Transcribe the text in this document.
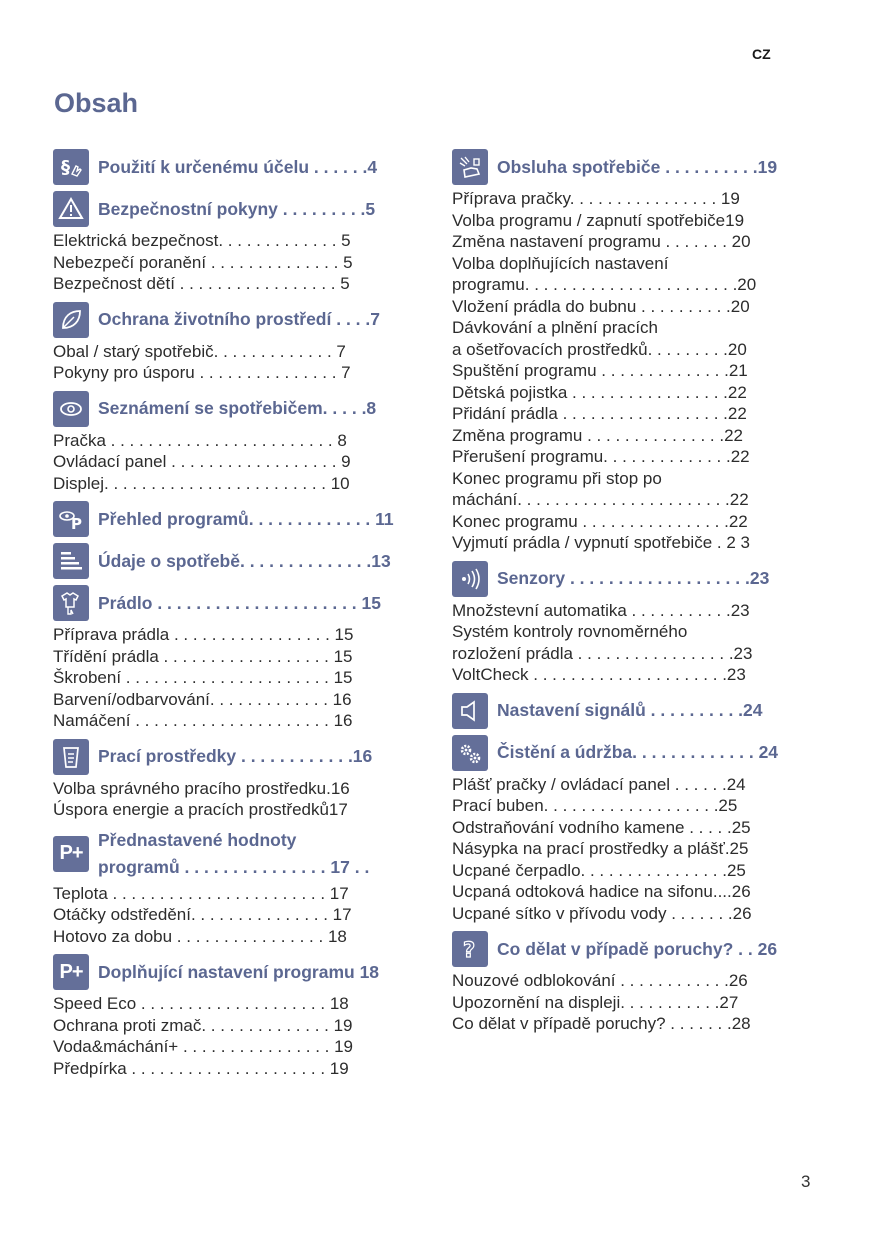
CZ
Obsah
§ Použití k určenému účelu . . . . . .4
Bezpečnostní pokyny . . . . . . . . .5
Elektrická bezpečnost. . . . . . . . . . . . . 5
Nebezpečí poranění . . . . . . . . . . . . . . 5
Bezpečnost dětí . . . . . . . . . . . . . . . . . 5
Ochrana životního prostředí . . . .7
Obal / starý spotřebič. . . . . . . . . . . . . 7
Pokyny pro úsporu . . . . . . . . . . . . . . . 7
Seznámení se spotřebičem. . . . .8
Pračka . . . . . . . . . . . . . . . . . . . . . . . . 8
Ovládací panel . . . . . . . . . . . . . . . . . . 9
Displej. . . . . . . . . . . . . . . . . . . . . . . . 10
P Přehled programů. . . . . . . . . . . . . 11
Údaje o spotřebě. . . . . . . . . . . . . .13
Prádlo . . . . . . . . . . . . . . . . . . . . . 15
Příprava prádla . . . . . . . . . . . . . . . . . 15
Třídění prádla . . . . . . . . . . . . . . . . . . 15
Škrobení . . . . . . . . . . . . . . . . . . . . . . 15
Barvení/odbarvování. . . . . . . . . . . . . 16
Namáčení . . . . . . . . . . . . . . . . . . . . . 16
Prací prostředky . . . . . . . . . . . .16
Volba správného pracího prostředku.16
Úspora energie a pracích prostředků17
P+
Přednastavené hodnoty
programů . . . . . . . . . . . . . . . 17 . .
Teplota . . . . . . . . . . . . . . . . . . . . . . . 17
Otáčky odstředění. . . . . . . . . . . . . . . 17
Hotovo za dobu . . . . . . . . . . . . . . . . 18
P+ Doplňující nastavení programu 18
Speed Eco . . . . . . . . . . . . . . . . . . . . 18
Ochrana proti zmač. . . . . . . . . . . . . . 19
Voda&máchání+ . . . . . . . . . . . . . . . . 19
Předpírka . . . . . . . . . . . . . . . . . . . . . 19
Obsluha spotřebiče . . . . . . . . . .19
Příprava pračky. . . . . . . . . . . . . . . . 19
Volba programu / zapnutí spotřebiče19
Změna nastavení programu . . . . . . . 20
Volba doplňujících nastavení
programu. . . . . . . . . . . . . . . . . . . . . . .20
Vložení prádla do bubnu . . . . . . . . . .20
Dávkování a plnění pracích
a ošetřovacích prostředků. . . . . . . . .20
Spuštění programu . . . . . . . . . . . . . .21
Dětská pojistka . . . . . . . . . . . . . . . . .22
Přidání prádla . . . . . . . . . . . . . . . . . .22
Změna programu . . . . . . . . . . . . . . .22
Přerušení programu. . . . . . . . . . . . . .22
Konec programu při stop po
máchání. . . . . . . . . . . . . . . . . . . . . . .22
Konec programu . . . . . . . . . . . . . . . .22
Vyjmutí prádla / vypnutí spotřebiče . 2 3
Senzory . . . . . . . . . . . . . . . . . . .23
Množstevní automatika . . . . . . . . . . .23
Systém kontroly rovnoměrného
rozložení prádla . . . . . . . . . . . . . . . . .23
VoltCheck . . . . . . . . . . . . . . . . . . . . .23
Nastavení signálů . . . . . . . . . .24
Čistění a údržba. . . . . . . . . . . . . 24
Plášť pračky / ovládací panel . . . . . .24
Prací buben. . . . . . . . . . . . . . . . . . .25
Odstraňování vodního kamene . . . . .25
Násypka na prací prostředky a plášť.25
Ucpané čerpadlo. . . . . . . . . . . . . . . .25
Ucpaná odtoková hadice na sifonu....26
Ucpané sítko v přívodu vody . . . . . . .26
? Co dělat v případě poruchy? . . 26
Nouzové odblokování . . . . . . . . . . . .26
Upozornění na displeji. . . . . . . . . . .27
Co dělat v případě poruchy? . . . . . . .28
3
